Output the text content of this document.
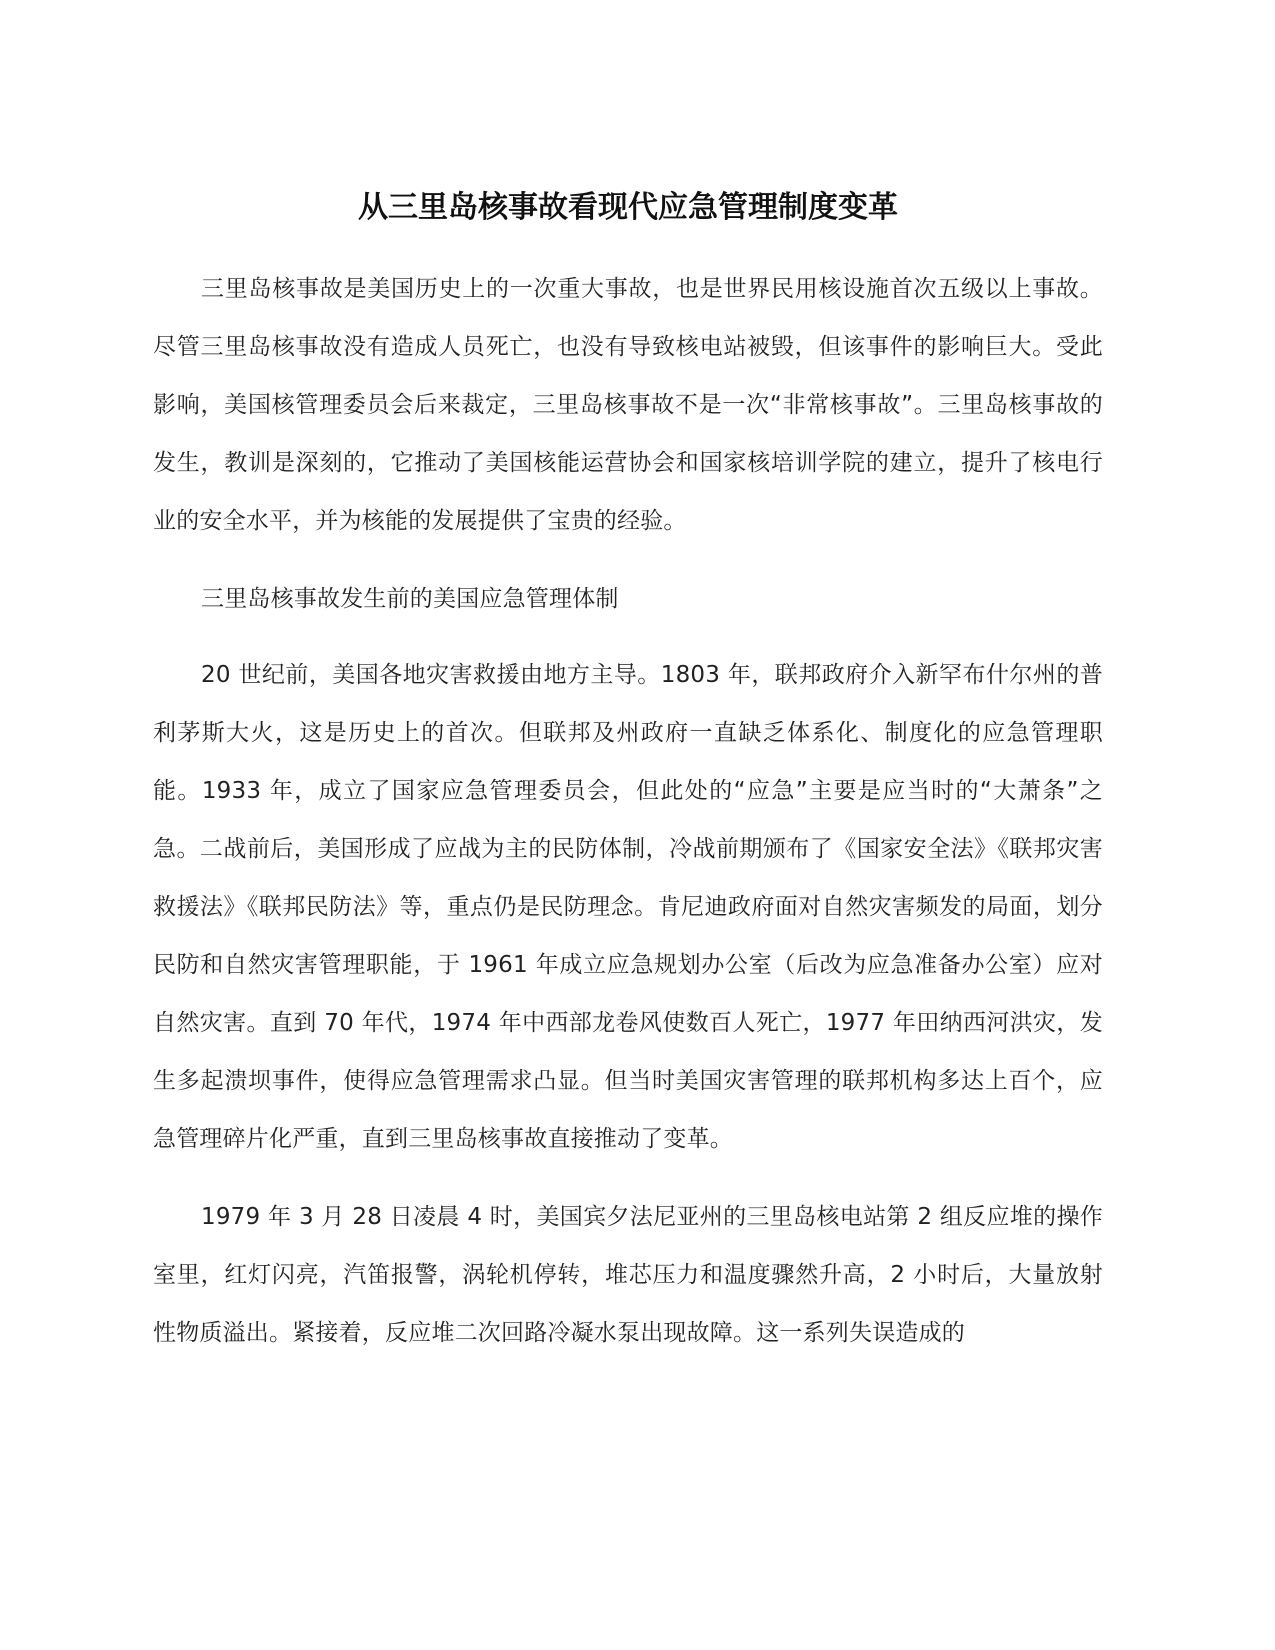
从三里岛核事故看现代应急管理制度变革

三里岛核事故是美国历史上的一次重大事故，也是世界民用核设施首次五级以上事故。尽管三里岛核事故没有造成人员死亡，也没有导致核电站被毁，但该事件的影响巨大。受此影响，美国核管理委员会后来裁定，三里岛核事故不是一次“非常核事故”。三里岛核事故的发生，教训是深刻的，它推动了美国核能运营协会和国家核培训学院的建立，提升了核电行业的安全水平，并为核能的发展提供了宝贵的经验。

三里岛核事故发生前的美国应急管理体制

20 世纪前，美国各地灾害救援由地方主导。1803 年，联邦政府介入新罕布什尔州的普利茅斯大火，这是历史上的首次。但联邦及州政府一直缺乏体系化、制度化的应急管理职能。1933 年，成立了国家应急管理委员会，但此处的“应急”主要是应当时的“大萧条”之急。二战前后，美国形成了应战为主的民防体制，冷战前期颁布了《国家安全法》《联邦灾害救援法》《联邦民防法》等，重点仍是民防理念。肯尼迪政府面对自然灾害频发的局面，划分民防和自然灾害管理职能，于 1961 年成立应急规划办公室（后改为应急准备办公室）应对自然灾害。直到 70 年代，1974 年中西部龙卷风使数百人死亡，1977 年田纳西河洪灾，发生多起溃坝事件，使得应急管理需求凸显。但当时美国灾害管理的联邦机构多达上百个，应急管理碎片化严重，直到三里岛核事故直接推动了变革。

1979 年 3 月 28 日凌晨 4 时，美国宾夕法尼亚州的三里岛核电站第 2 组反应堆的操作室里，红灯闪亮，汽笛报警，涡轮机停转，堆芯压力和温度骤然升高，2 小时后，大量放射性物质溢出。紧接着，反应堆二次回路冷凝水泵出现故障。这一系列失误造成的
